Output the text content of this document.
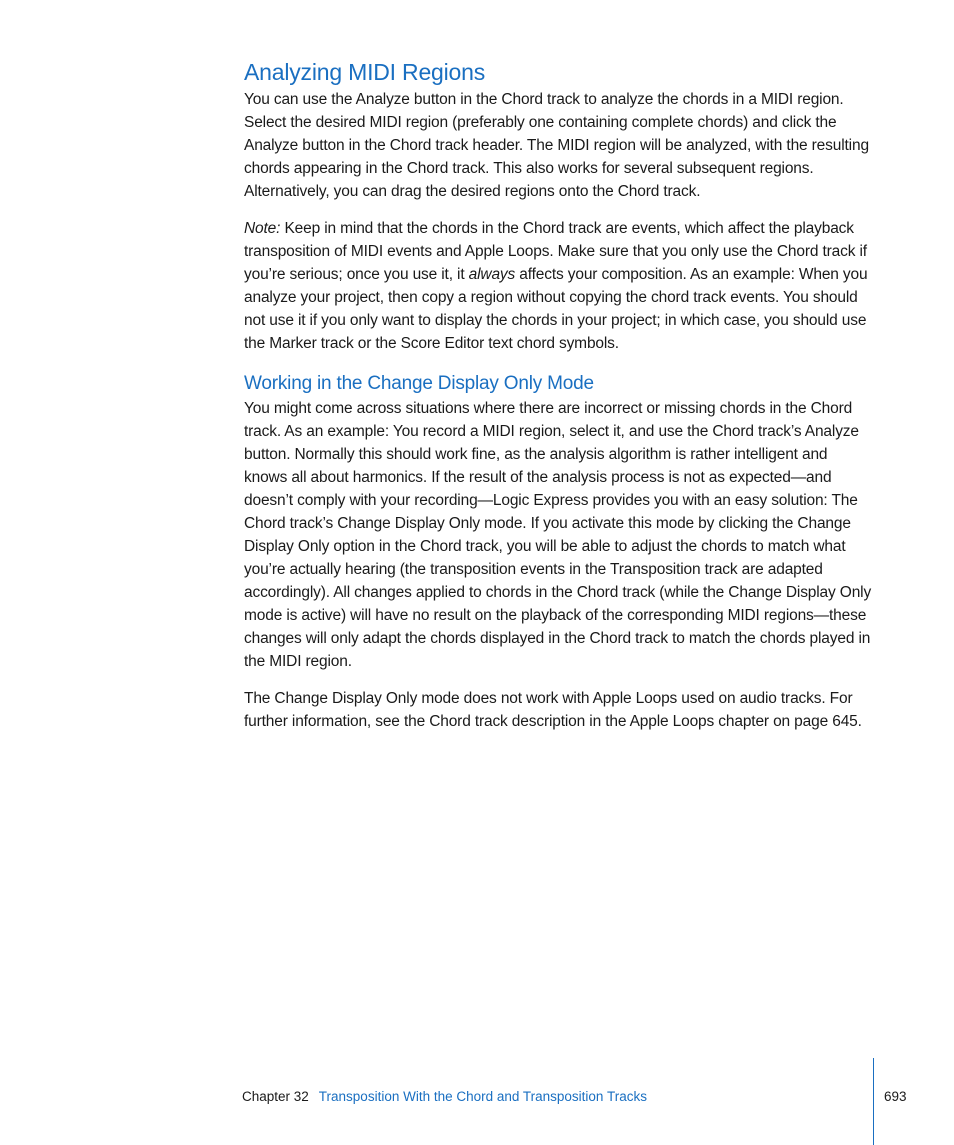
Analyzing MIDI Regions

You can use the Analyze button in the Chord track to analyze the chords in a MIDI region. Select the desired MIDI region (preferably one containing complete chords) and click the Analyze button in the Chord track header. The MIDI region will be analyzed, with the resulting chords appearing in the Chord track. This also works for several subsequent regions. Alternatively, you can drag the desired regions onto the Chord track.

Note: Keep in mind that the chords in the Chord track are events, which affect the playback transposition of MIDI events and Apple Loops. Make sure that you only use the Chord track if you’re serious; once you use it, it always affects your composition. As an example: When you analyze your project, then copy a region without copying the chord track events. You should not use it if you only want to display the chords in your project; in which case, you should use the Marker track or the Score Editor text chord symbols.

Working in the Change Display Only Mode

You might come across situations where there are incorrect or missing chords in the Chord track. As an example: You record a MIDI region, select it, and use the Chord track’s Analyze button. Normally this should work fine, as the analysis algorithm is rather intelligent and knows all about harmonics. If the result of the analysis process is not as expected—and doesn’t comply with your recording—Logic Express provides you with an easy solution: The Chord track’s Change Display Only mode. If you activate this mode by clicking the Change Display Only option in the Chord track, you will be able to adjust the chords to match what you’re actually hearing (the transposition events in the Transposition track are adapted accordingly). All changes applied to chords in the Chord track (while the Change Display Only mode is active) will have no result on the playback of the corresponding MIDI regions—these changes will only adapt the chords displayed in the Chord track to match the chords played in the MIDI region.

The Change Display Only mode does not work with Apple Loops used on audio tracks. For further information, see the Chord track description in the Apple Loops chapter on page 645.

Chapter 32 Transposition With the Chord and Transposition Tracks	693
